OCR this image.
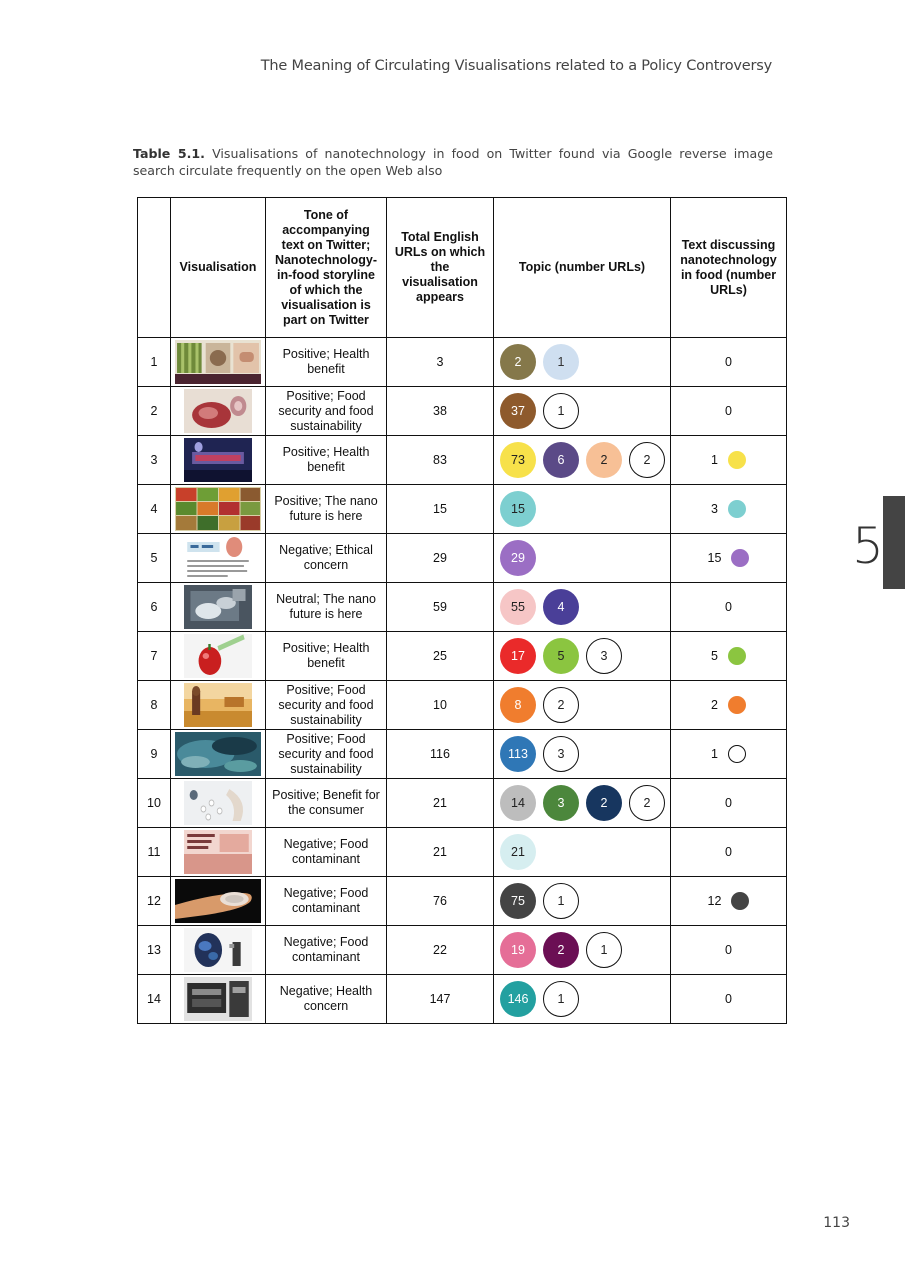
The Meaning of Circulating Visualisations related to a Policy Controversy
Table 5.1. Visualisations of nanotechnology in food on Twitter found via Google reverse image search circulate frequently on the open Web also
	Visualisation	Tone of accompanying text on Twitter; Nanotechnology-in-food storyline of which the visualisation is part on Twitter	Total English URLs on which the visualisation appears	Topic (number URLs)	Text discussing nanotechnology in food (number URLs)
1		Positive; Health benefit	3	2 1	0

2		Positive; Food security and food sustainability	38	37 1	0

3		Positive; Health benefit	83	73 6 2 2	1

4		Positive; The nano future is here	15	15	3

5		Negative; Ethical concern	29	29	15

6		Neutral; The nano future is here	59	55 4	0

7		Positive; Health benefit	25	17 5 3	5

8		Positive; Food security and food sustainability	10	8 2	2

9		Positive; Food security and food sustainability	116	113 3	1

10		Positive; Benefit for the consumer	21	14 3 2 2	0

11		Negative; Food contaminant	21	21	0

12		Negative; Food contaminant	76	75 1	12

13		Negative; Food contaminant	22	19 2 1	0

14		Negative; Health concern	147	146 1	0
5
113
